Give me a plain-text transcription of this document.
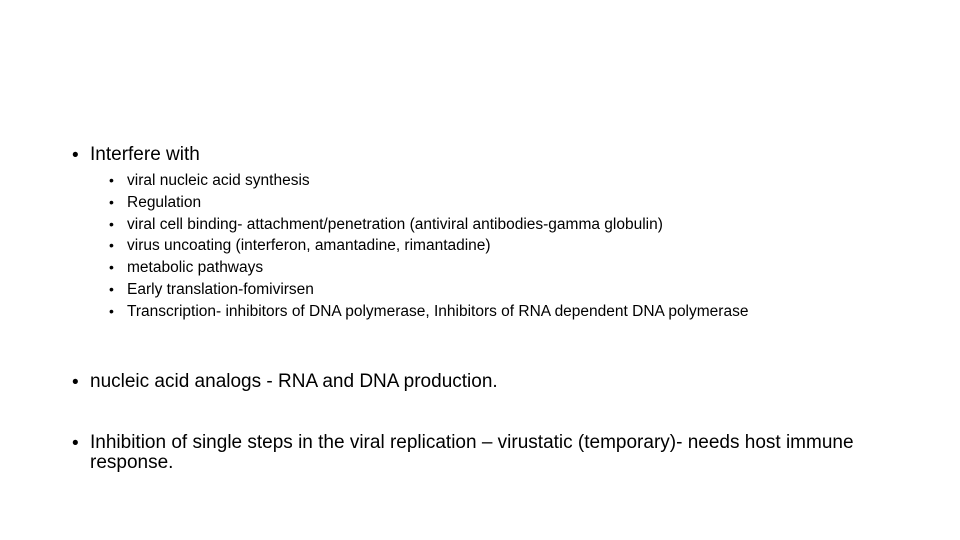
• Interfere with
• viral nucleic acid synthesis
• Regulation
• viral cell binding- attachment/penetration (antiviral antibodies-gamma globulin)
• virus uncoating (interferon, amantadine, rimantadine)
• metabolic pathways
• Early translation-fomivirsen
• Transcription- inhibitors of DNA polymerase, Inhibitors of RNA dependent DNA polymerase
• nucleic acid analogs - RNA and DNA production.
• Inhibition of single steps in the viral replication – virustatic (temporary)- needs host immune response.
